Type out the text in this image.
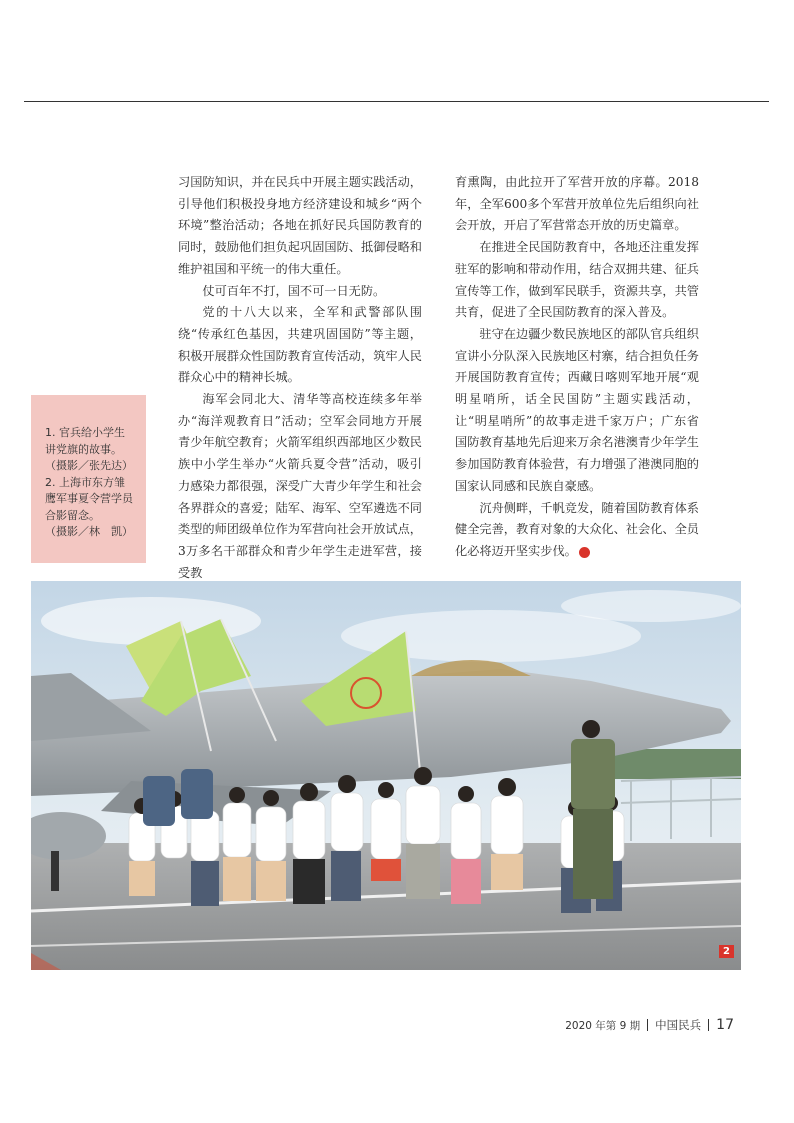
习国防知识，并在民兵中开展主题实践活动，引导他们积极投身地方经济建设和城乡“两个环境”整治活动；各地在抓好民兵国防教育的同时，鼓励他们担负起巩固国防、抵御侵略和维护祖国和平统一的伟大重任。

仗可百年不打，国不可一日无防。

党的十八大以来，全军和武警部队围绕“传承红色基因，共建巩固国防”等主题，积极开展群众性国防教育宣传活动，筑牢人民群众心中的精神长城。

海军会同北大、清华等高校连续多年举办“海洋观教育日”活动；空军会同地方开展青少年航空教育；火箭军组织西部地区少数民族中小学生举办“火箭兵夏令营”活动，吸引力感染力都很强，深受广大青少年学生和社会各界群众的喜爱；陆军、海军、空军遴选不同类型的师团级单位作为军营向社会开放试点，3万多名干部群众和青少年学生走进军营，接受教

育熏陶，由此拉开了军营开放的序幕。2018年，全军600多个军营开放单位先后组织向社会开放，开启了军营常态开放的历史篇章。

在推进全民国防教育中，各地还注重发挥驻军的影响和带动作用，结合双拥共建、征兵宣传等工作，做到军民联手，资源共享，共管共育，促进了全民国防教育的深入普及。

驻守在边疆少数民族地区的部队官兵组织宣讲小分队深入民族地区村寨，结合担负任务开展国防教育宣传；西藏日喀则军地开展“观明星哨所，话全民国防”主题实践活动，让“明星哨所”的故事走进千家万户；广东省国防教育基地先后迎来万余名港澳青少年学生参加国防教育体验营，有力增强了港澳同胞的国家认同感和民族自豪感。

沉舟侧畔，千帆竞发，随着国防教育体系健全完善，教育对象的大众化、社会化、全员化必将迈开坚实步伐。	民

1. 官兵给小学生

讲党旗的故事。

（摄影／张先达）

2. 上海市东方雏

鹰军事夏令营学员

合影留念。

（摄影／林　凯）

2
2020 年第 9 期 中国民兵 17
